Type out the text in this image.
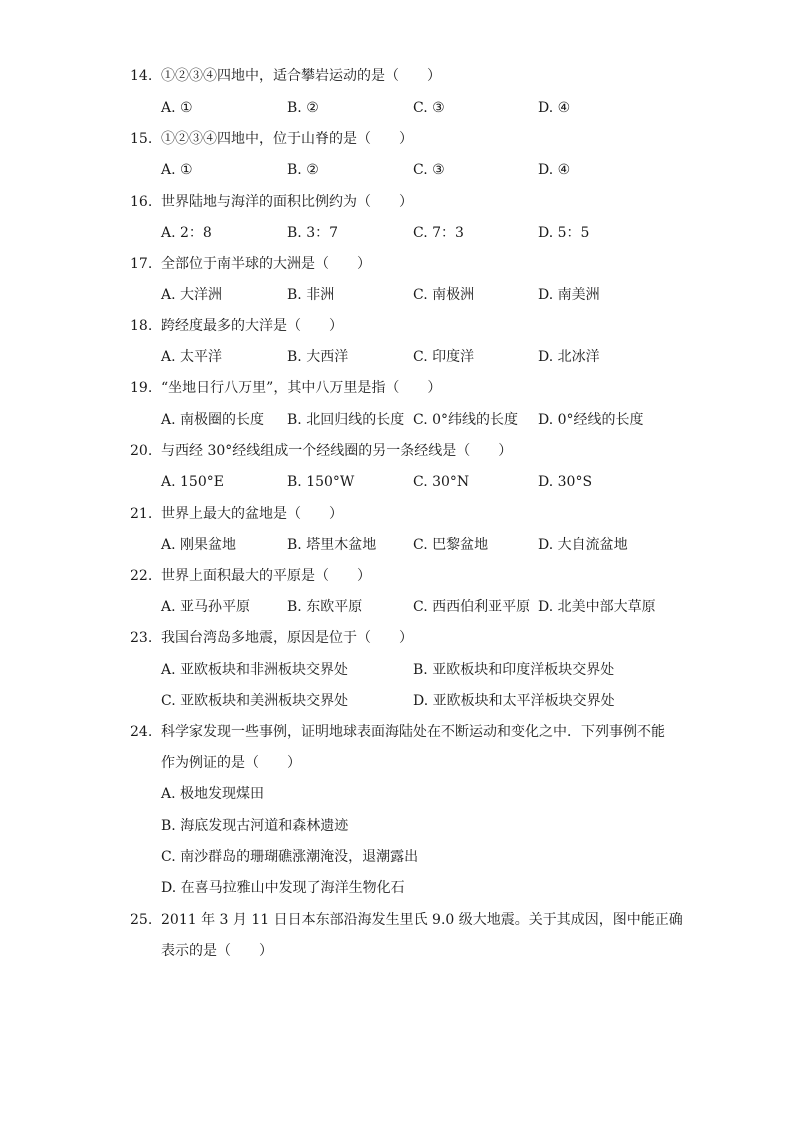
14. ①②③④四地中，适合攀岩运动的是（　　）
A. ①	B. ②	C. ③	D. ④
15. ①②③④四地中，位于山脊的是（　　）
A. ①	B. ②	C. ③	D. ④
16. 世界陆地与海洋的面积比例约为（　　）
A. 2：8	B. 3：7	C. 7：3	D. 5：5
17. 全部位于南半球的大洲是（　　）
A. 大洋洲	B. 非洲	C. 南极洲	D. 南美洲
18. 跨经度最多的大洋是（　　）
A. 太平洋	B. 大西洋	C. 印度洋	D. 北冰洋
19. “坐地日行八万里”，其中八万里是指（　　）
A. 南极圈的长度 B. 北回归线的长度 C. 0°纬线的长度 D. 0°经线的长度
20. 与西经 30°经线组成一个经线圈的另一条经线是（　　）
A. 150°E	B. 150°W	C. 30°N	D. 30°S
21. 世界上最大的盆地是（　　）
A. 刚果盆地	B. 塔里木盆地	C. 巴黎盆地	D. 大自流盆地
22. 世界上面积最大的平原是（　　）
A. 亚马孙平原	B. 东欧平原	C. 西西伯利亚平原 D. 北美中部大草原
23. 我国台湾岛多地震，原因是位于（　　）
A. 亚欧板块和非洲板块交界处	B. 亚欧板块和印度洋板块交界处
C. 亚欧板块和美洲板块交界处	D. 亚欧板块和太平洋板块交界处
24. 科学家发现一些事例，证明地球表面海陆处在不断运动和变化之中．下列事例不能
作为例证的是（　　）
A. 极地发现煤田
B. 海底发现古河道和森林遗迹
C. 南沙群岛的珊瑚礁涨潮淹没，退潮露出
D. 在喜马拉雅山中发现了海洋生物化石
25. 2011 年 3 月 11 日日本东部沿海发生里氏 9.0 级大地震。关于其成因，图中能正确
表示的是（　　）
